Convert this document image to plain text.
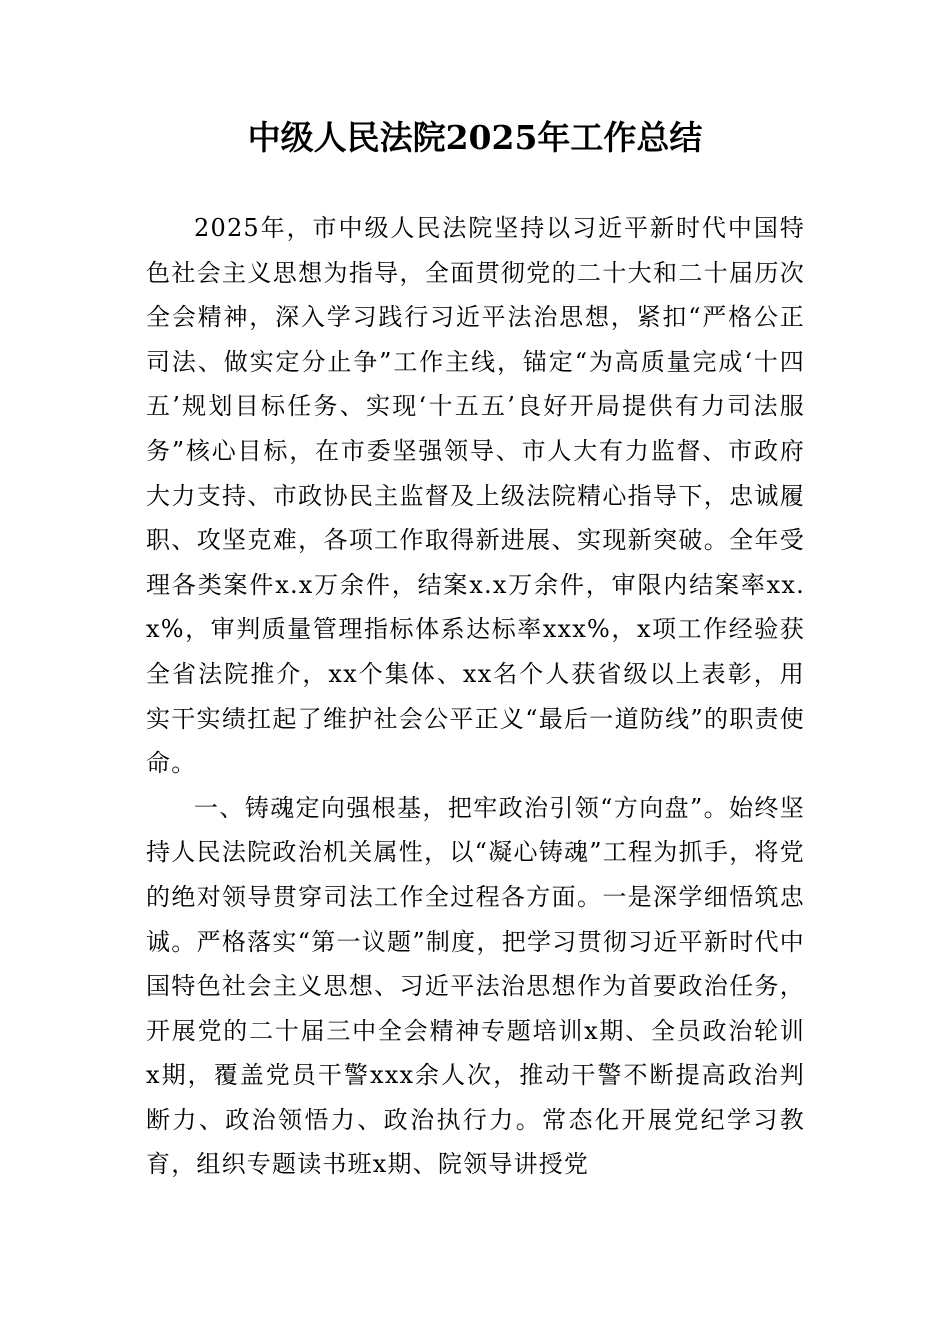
中级人民法院2025年工作总结

2025年，市中级人民法院坚持以习近平新时代中国特色社会主义思想为指导，全面贯彻党的二十大和二十届历次全会精神，深入学习践行习近平法治思想，紧扣“严格公正司法、做实定分止争”工作主线，锚定“为高质量完成‘十四五’规划目标任务、实现‘十五五’良好开局提供有力司法服务”核心目标，在市委坚强领导、市人大有力监督、市政府大力支持、市政协民主监督及上级法院精心指导下，忠诚履职、攻坚克难，各项工作取得新进展、实现新突破。全年受理各类案件x.x万余件，结案x.x万余件，审限内结案率xx.x%，审判质量管理指标体系达标率xxx%，x项工作经验获全省法院推介，xx个集体、xx名个人获省级以上表彰，用实干实绩扛起了维护社会公平正义“最后一道防线”的职责使命。

一、铸魂定向强根基，把牢政治引领“方向盘”。始终坚持人民法院政治机关属性，以“凝心铸魂”工程为抓手，将党的绝对领导贯穿司法工作全过程各方面。一是深学细悟筑忠诚。严格落实“第一议题”制度，把学习贯彻习近平新时代中国特色社会主义思想、习近平法治思想作为首要政治任务，开展党的二十届三中全会精神专题培训x期、全员政治轮训x期，覆盖党员干警xxx余人次，推动干警不断提高政治判断力、政治领悟力、政治执行力。常态化开展党纪学习教育，组织专题读书班x期、院领导讲授党
